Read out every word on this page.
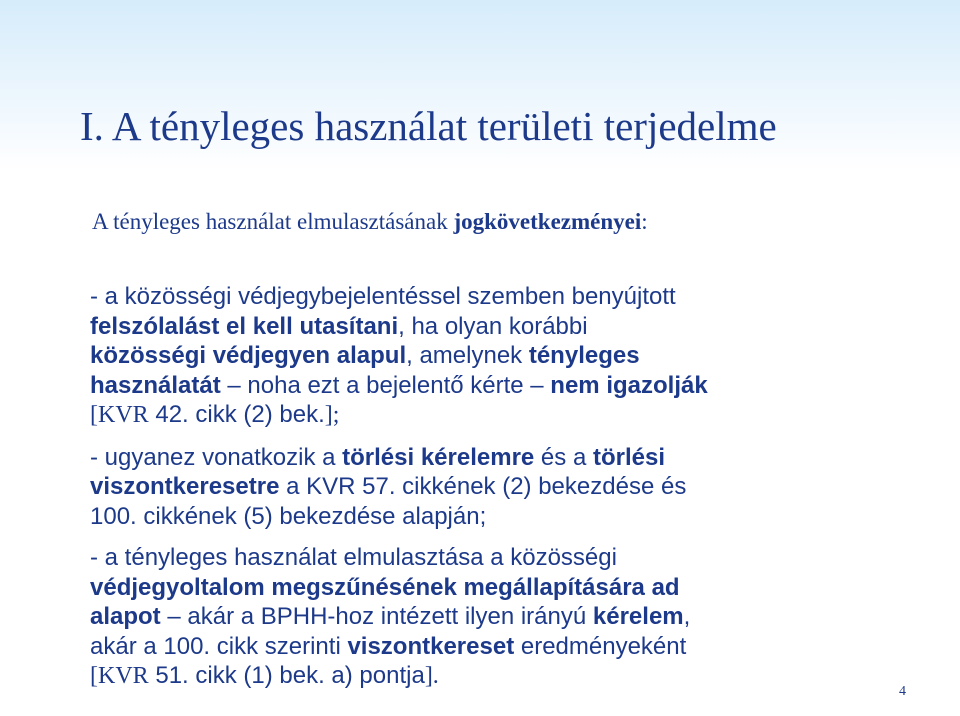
I. A tényleges használat területi terjedelme
A tényleges használat elmulasztásának jogkövetkezményei:
- a közösségi védjegybejelentéssel szemben benyújtott
felszólalást el kell utasítani, ha olyan korábbi
közösségi védjegyen alapul, amelynek tényleges
használatát – noha ezt a bejelentő kérte – nem igazolják
[KVR 42. cikk (2) bek.];
- ugyanez vonatkozik a törlési kérelemre és a törlési
viszontkeresetre a KVR 57. cikkének (2) bekezdése és
100. cikkének (5) bekezdése alapján;
- a tényleges használat elmulasztása a közösségi
védjegyoltalom megszűnésének megállapítására ad
alapot – akár a BPHH-hoz intézett ilyen irányú kérelem,
akár a 100. cikk szerinti viszontkereset eredményeként
[KVR 51. cikk (1) bek. a) pontja].
4
